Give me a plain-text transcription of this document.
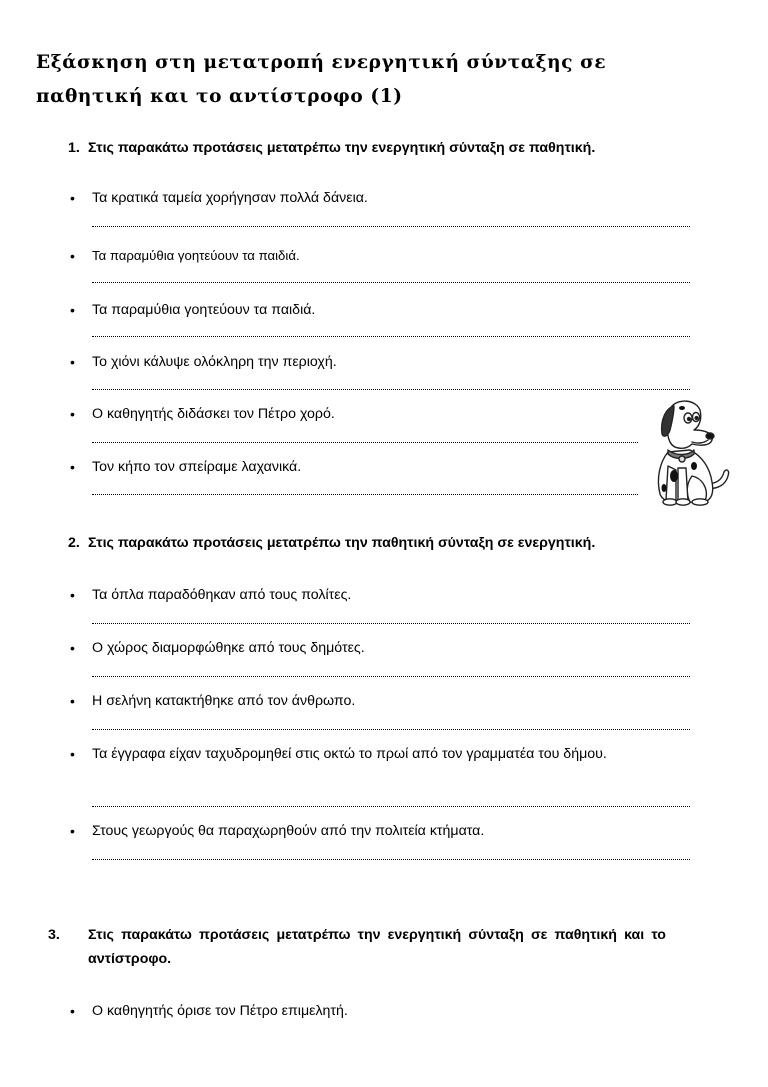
Εξάσκηση στη μετατροπή ενεργητική σύνταξης σε
παθητική και το αντίστροφο (1)
1. Στις παρακάτω προτάσεις μετατρέπω την ενεργητική σύνταξη σε παθητική.
• Τα κρατικά ταμεία χορήγησαν πολλά δάνεια.
• Τα παραμύθια γοητεύουν τα παιδιά.
• Τα παραμύθια γοητεύουν τα παιδιά.
• Το χιόνι κάλυψε ολόκληρη την περιοχή.
• Ο καθηγητής διδάσκει τον Πέτρο χορό.
• Τον κήπο τον σπείραμε λαχανικά.
2. Στις παρακάτω προτάσεις μετατρέπω την παθητική σύνταξη σε ενεργητική.
• Τα όπλα παραδόθηκαν από τους πολίτες.
• Ο χώρος διαμορφώθηκε από τους δημότες.
• Η σελήνη κατακτήθηκε από τον άνθρωπο.
• Τα έγγραφα είχαν ταχυδρομηθεί στις οκτώ το πρωί από τον γραμματέα του δήμου.
• Στους γεωργούς θα παραχωρηθούν από την πολιτεία κτήματα.
3. Στις παρακάτω προτάσεις μετατρέπω την ενεργητική σύνταξη σε παθητική και το αντίστροφο.
• Ο καθηγητής όρισε τον Πέτρο επιμελητή.
